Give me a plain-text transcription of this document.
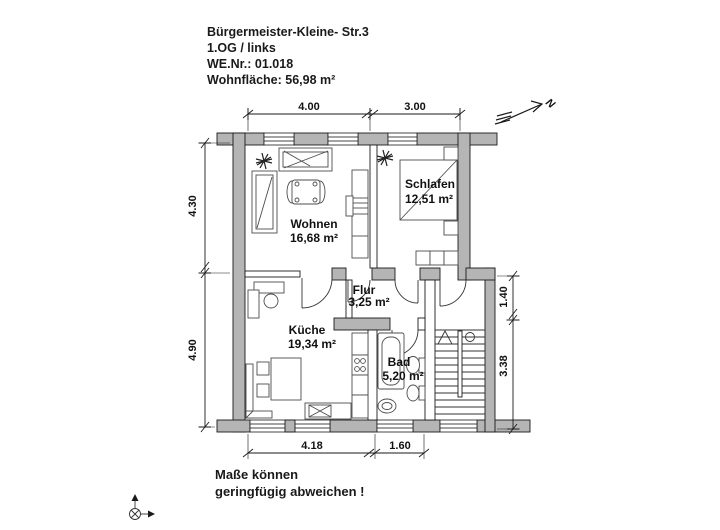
Bürgermeister-Kleine- Str.3
1.OG / links
WE.Nr.: 01.018
Wohnfläche: 56,98 m²
Maße können
geringfügig abweichen !
Wohnen
16,68 m²
Schlafen
12,51 m²
Flur
3,25 m²
Küche
19,34 m²
Bad
5,20 m²
4.00	3.00
4.30
4.90
1.40
3.38
4.18	1.60
N
